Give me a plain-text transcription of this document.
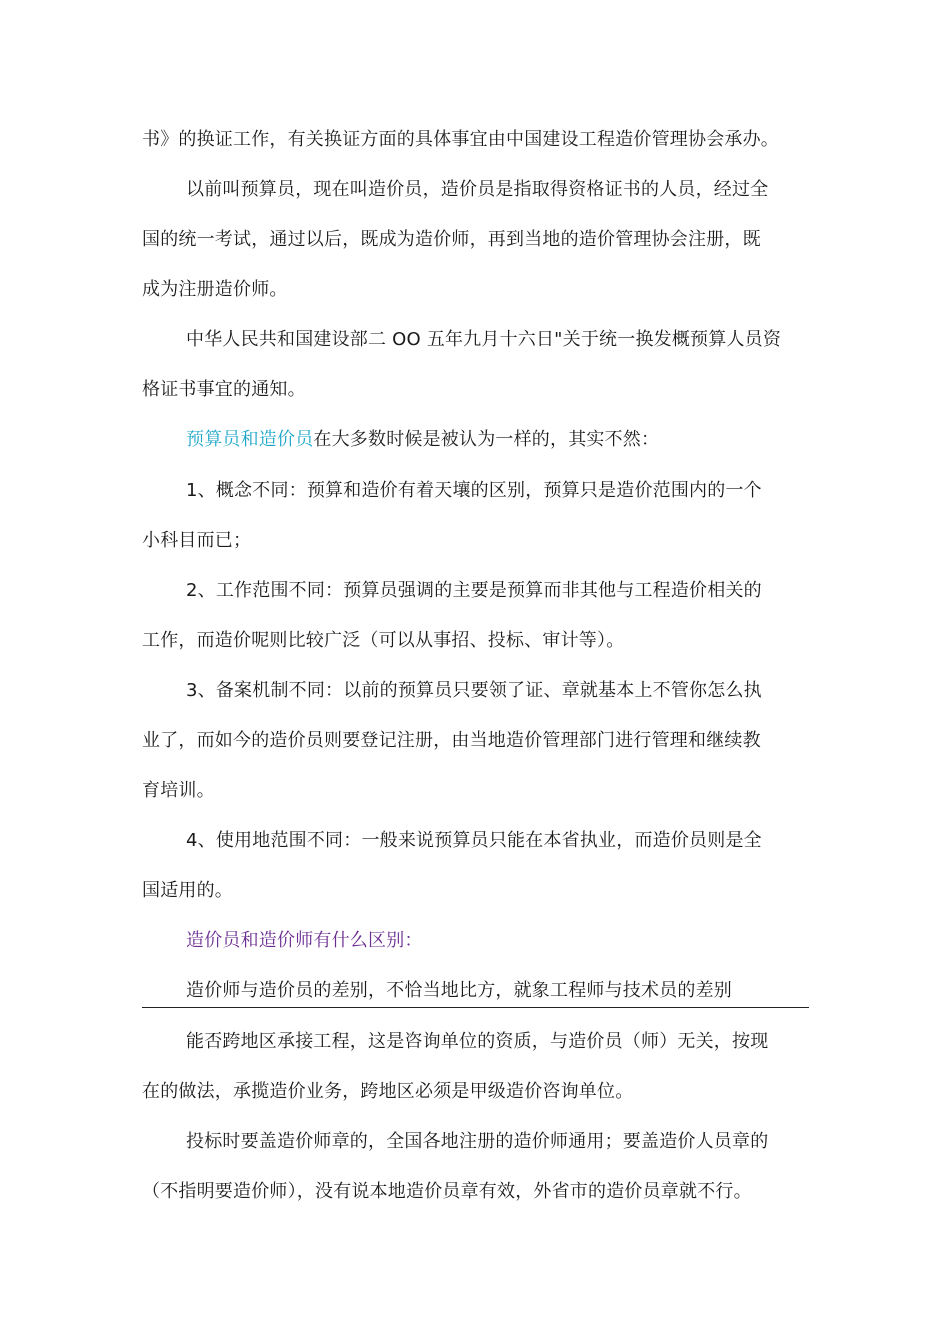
书》的换证工作，有关换证方面的具体事宜由中国建设工程造价管理协会承办。
以前叫预算员，现在叫造价员，造价员是指取得资格证书的人员，经过全
国的统一考试，通过以后，既成为造价师，再到当地的造价管理协会注册，既
成为注册造价师。
中华人民共和国建设部二 OO 五年九月十六日"关于统一换发概预算人员资
格证书事宜的通知。
预算员和造价员在大多数时候是被认为一样的，其实不然：
1、概念不同：预算和造价有着天壤的区别，预算只是造价范围内的一个
小科目而已；
2、工作范围不同：预算员强调的主要是预算而非其他与工程造价相关的
工作，而造价呢则比较广泛（可以从事招、投标、审计等）。
3、备案机制不同：以前的预算员只要领了证、章就基本上不管你怎么执
业了，而如今的造价员则要登记注册，由当地造价管理部门进行管理和继续教
育培训。
4、使用地范围不同：一般来说预算员只能在本省执业，而造价员则是全
国适用的。
造价员和造价师有什么区别：
造价师与造价员的差别，不恰当地比方，就象工程师与技术员的差别
能否跨地区承接工程，这是咨询单位的资质，与造价员（师）无关，按现
在的做法，承揽造价业务，跨地区必须是甲级造价咨询单位。
投标时要盖造价师章的，全国各地注册的造价师通用；要盖造价人员章的
（不指明要造价师），没有说本地造价员章有效，外省市的造价员章就不行。
